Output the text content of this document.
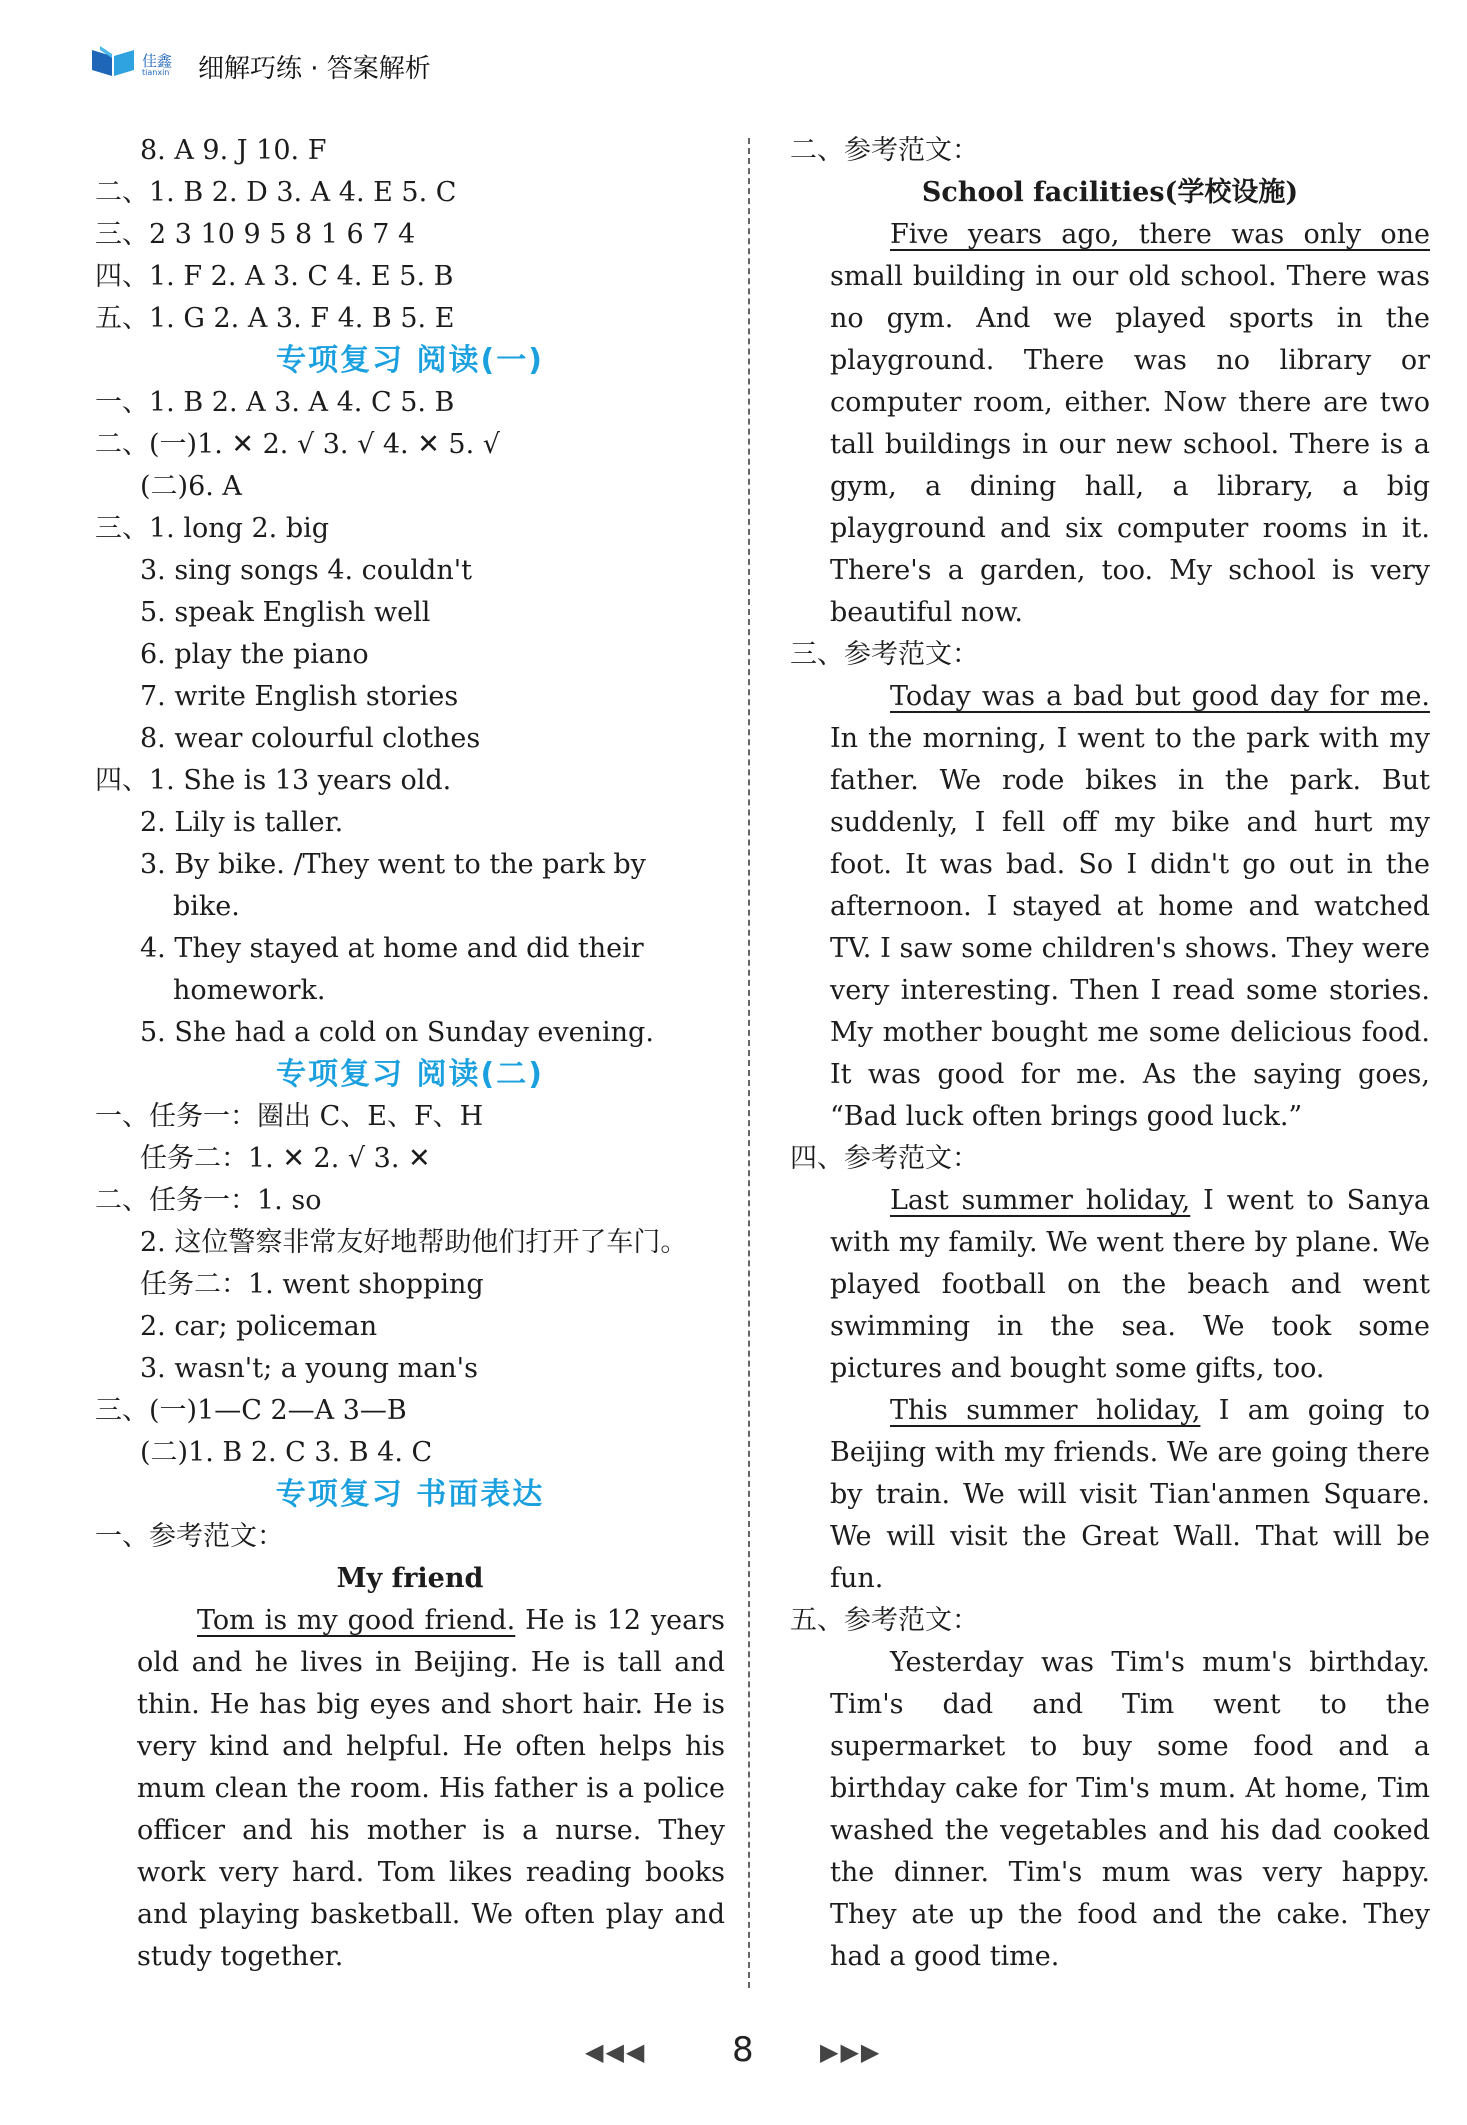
佳鑫
tianxin 细解巧练 · 答案解析
8. A 9. J 10. F
二、1. B 2. D 3. A 4. E 5. C
三、2 3 10 9 5 8 1 6 7 4
四、1. F 2. A 3. C 4. E 5. B
五、1. G 2. A 3. F 4. B 5. E
专项复习 阅读(一)
一、1. B 2. A 3. A 4. C 5. B
二、(一)1. ✕ 2. √ 3. √ 4. ✕ 5. √
(二)6. A
三、1. long 2. big
3. sing songs 4. couldn't
5. speak English well
6. play the piano
7. write English stories
8. wear colourful clothes
四、1. She is 13 years old.
2. Lily is taller.
3. By bike. /They went to the park by
bike.
4. They stayed at home and did their
homework.
5. She had a cold on Sunday evening.
专项复习 阅读(二)
一、任务一：圈出 C、E、F、H
任务二：1. ✕ 2. √ 3. ✕
二、任务一：1. so
2. 这位警察非常友好地帮助他们打开了车门。
任务二：1. went shopping
2. car; policeman
3. wasn't; a young man's
三、(一)1—C 2—A 3—B
(二)1. B 2. C 3. B 4. C
专项复习 书面表达
一、参考范文：
My friend
Tom is my good friend. He is 12 years old and he lives in Beijing. He is tall and thin. He has big eyes and short hair. He is very kind and helpful. He often helps his mum clean the room. His father is a police officer and his mother is a nurse. They work very hard. Tom likes reading books and playing basketball. We often play and study together.
二、参考范文：
School facilities(学校设施)
Five years ago, there was only one small building in our old school. There was no gym. And we played sports in the playground. There was no library or computer room, either. Now there are two tall buildings in our new school. There is a gym, a dining hall, a library, a big playground and six computer rooms in it. There's a garden, too. My school is very beautiful now.
三、参考范文：
Today was a bad but good day for me. In the morning, I went to the park with my father. We rode bikes in the park. But suddenly, I fell off my bike and hurt my foot. It was bad. So I didn't go out in the afternoon. I stayed at home and watched TV. I saw some children's shows. They were very interesting. Then I read some stories. My mother bought me some delicious food. It was good for me. As the saying goes, “Bad luck often brings good luck.”
四、参考范文：
Last summer holiday, I went to Sanya with my family. We went there by plane. We played football on the beach and went swimming in the sea. We took some pictures and bought some gifts, too.
This summer holiday, I am going to Beijing with my friends. We are going there by train. We will visit Tian'anmen Square. We will visit the Great Wall. That will be fun.
五、参考范文：
Yesterday was Tim's mum's birthday. Tim's dad and Tim went to the supermarket to buy some food and a birthday cake for Tim's mum. At home, Tim washed the vegetables and his dad cooked the dinner. Tim's mum was very happy. They ate up the food and the cake. They had a good time.
◀◀◀	8	▶▶▶
